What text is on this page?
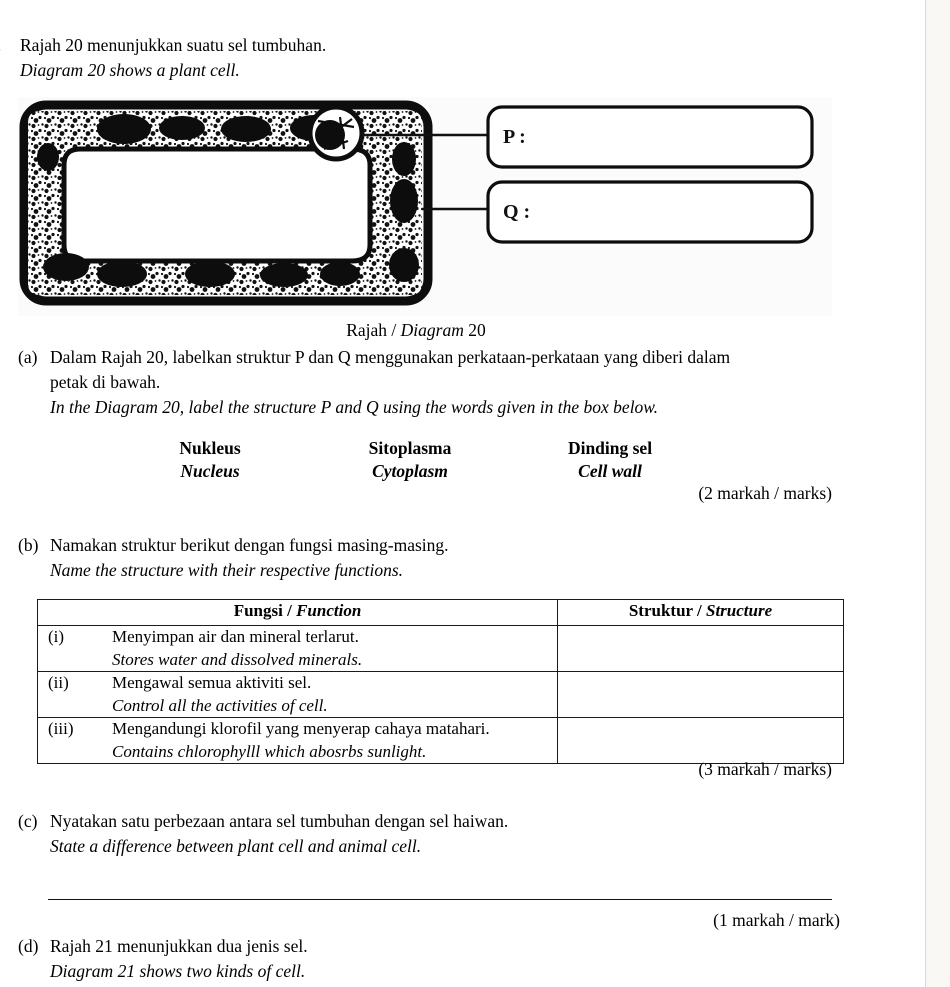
Rajah 20 menunjukkan suatu sel tumbuhan.
Diagram 20 shows a plant cell.
P :
Q :
Rajah / Diagram 20
(a) Dalam Rajah 20, labelkan struktur P dan Q menggunakan perkataan-perkataan yang diberi dalam
petak di bawah.
In the Diagram 20, label the structure P and Q using the words given in the box below.
Nukleus
Nucleus
Sitoplasma
Cytoplasm
Dinding sel
Cell wall
(2 markah / marks)
(b) Namakan struktur berikut dengan fungsi masing-masing.
Name the structure with their respective functions.
Fungsi / Function	Struktur / Structure

(i) Menyimpan air dan mineral terlarut.
Stores water and dissolved minerals.	

(ii) Mengawal semua aktiviti sel.
Control all the activities of cell.	

(iii) Mengandungi klorofil yang menyerap cahaya matahari.
Contains chlorophylll which abosrbs sunlight.	

(3 markah / marks)
(c) Nyatakan satu perbezaan antara sel tumbuhan dengan sel haiwan.
State a difference between plant cell and animal cell.
(1 markah / mark)
(d) Rajah 21 menunjukkan dua jenis sel.
Diagram 21 shows two kinds of cell.
